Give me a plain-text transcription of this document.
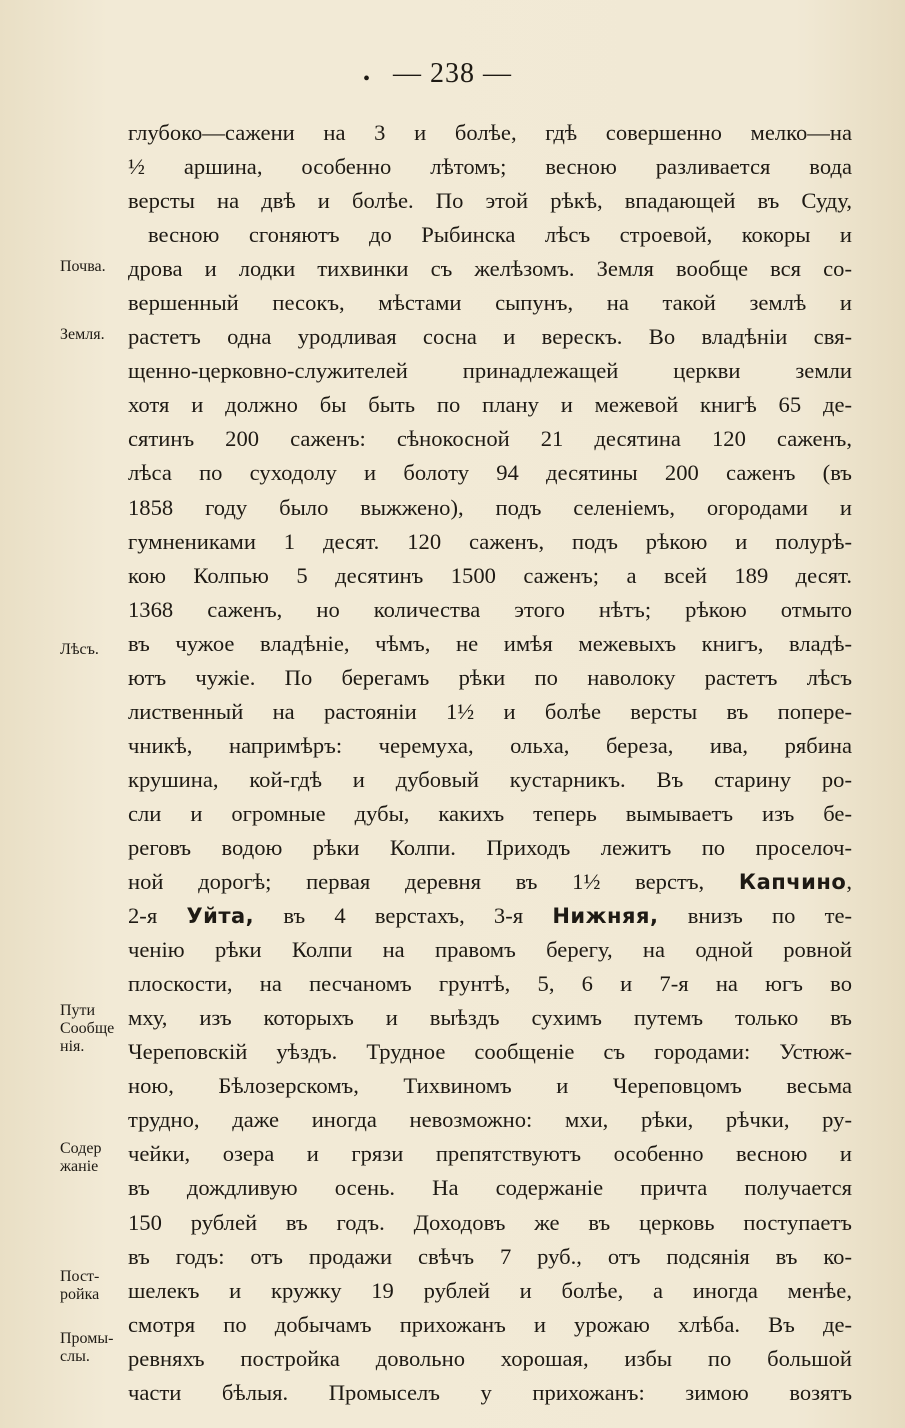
• — 238 —
глубоко—сажени на 3 и болѣе, гдѣ совершенно мелко—на
½ аршина, особенно лѣтомъ; весною разливается вода
версты на двѣ и болѣе. По этой рѣкѣ, впадающей въ Суду,
весною сгоняютъ до Рыбинска лѣсъ строевой, кокоры и
дрова и лодки тихвинки съ желѣзомъ. Земля вообще вся со-
вершенный песокъ, мѣстами сыпунъ, на такой землѣ и
растетъ одна уродливая сосна и верескъ. Во владѣніи свя-
щенно-церковно-служителей принадлежащей церкви земли
хотя и должно бы быть по плану и межевой книгѣ 65 де-
сятинъ 200 саженъ: сѣнокосной 21 десятина 120 саженъ,
лѣса по суходолу и болоту 94 десятины 200 саженъ (въ
1858 году было выжжено), подъ селеніемъ, огородами и
гумнениками 1 десят. 120 саженъ, подъ рѣкою и полурѣ-
кою Колпью 5 десятинъ 1500 саженъ; а всей 189 десят.
1368 саженъ, но количества этого нѣтъ; рѣкою отмыто
въ чужое владѣніе, чѣмъ, не имѣя межевыхъ книгъ, владѣ-
ютъ чужіе. По берегамъ рѣки по наволоку растетъ лѣсъ
лиственный на растояніи 1½ и болѣе версты въ попере-
чникѣ, напримѣръ: черемуха, ольха, береза, ива, рябина
крушина, кой-гдѣ и дубовый кустарникъ. Въ старину ро-
сли и огромные дубы, какихъ теперь вымываетъ изъ бе-
реговъ водою рѣки Колпи. Приходъ лежитъ по проселоч-
ной дорогѣ; первая деревня въ 1½ верстъ, Капчино,
2-я Уйта, въ 4 верстахъ, 3-я Нижняя, внизъ по те-
ченію рѣки Колпи на правомъ берегу, на одной ровной
плоскости, на песчаномъ грунтѣ, 5, 6 и 7-я на югъ во
мху, изъ которыхъ и выѣздъ сухимъ путемъ только въ
Череповскій уѣздъ. Трудное сообщеніе съ городами: Устюж-
ною, Бѣлозерскомъ, Тихвиномъ и Череповцомъ весьма
трудно, даже иногда невозможно: мхи, рѣки, рѣчки, ру-
чейки, озера и грязи препятствуютъ особенно весною и
въ дождливую осень. На содержаніе причта получается
150 рублей въ годъ. Доходовъ же въ церковь поступаетъ
въ годъ: отъ продажи свѣчъ 7 руб., отъ подсянія въ ко-
шелекъ и кружку 19 рублей и болѣе, а иногда менѣе,
смотря по добычамъ прихожанъ и урожаю хлѣба. Въ де-
ревняхъ постройка довольно хорошая, избы по большой
части бѣлыя. Промыселъ у прихожанъ: зимою возятъ
Почва.
Земля.
Лѣсъ.
Пути
Сообще
нія.
Содер
жаніе
Пост-
ройка
Промы-
слы.
